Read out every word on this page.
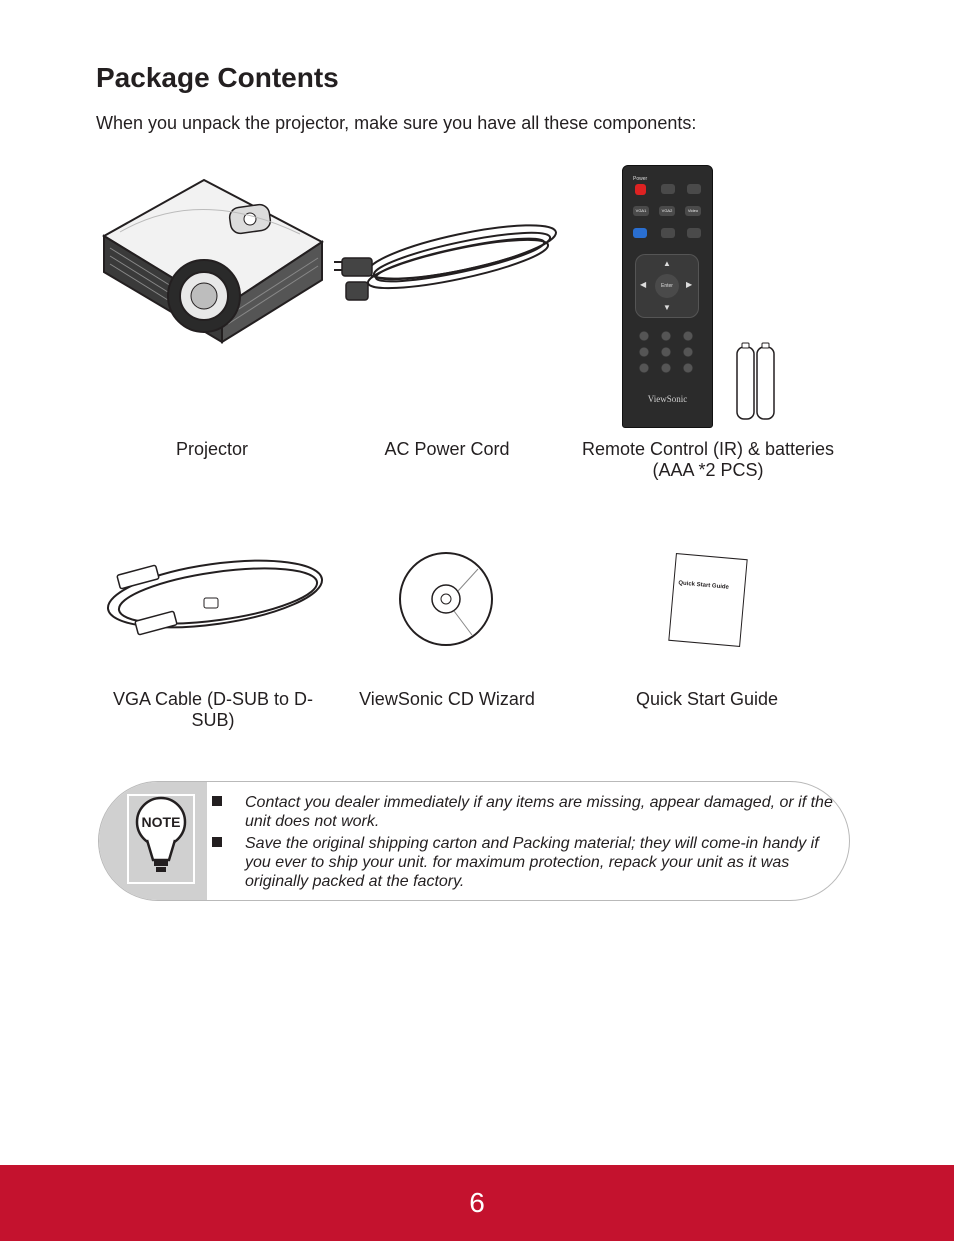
Package Contents
When you unpack the projector, make sure you have all these components:
Power
VGA1	VGA2	Video
Enter
▲
▼
◀	▶
ViewSonic
Projector	AC Power Cord	Remote Control (IR) & batteries (AAA *2 PCS)
Quick Start Guide
VGA Cable (D-SUB to D-SUB)
ViewSonic CD Wizard	Quick Start Guide
NOTE
Contact you dealer immediately if any items are missing, appear damaged, or if the unit does not work.
Save the original shipping carton and Packing material; they will come-in handy if you ever to ship your unit. for maximum protection, repack your unit as it was originally packed at the factory.
6
